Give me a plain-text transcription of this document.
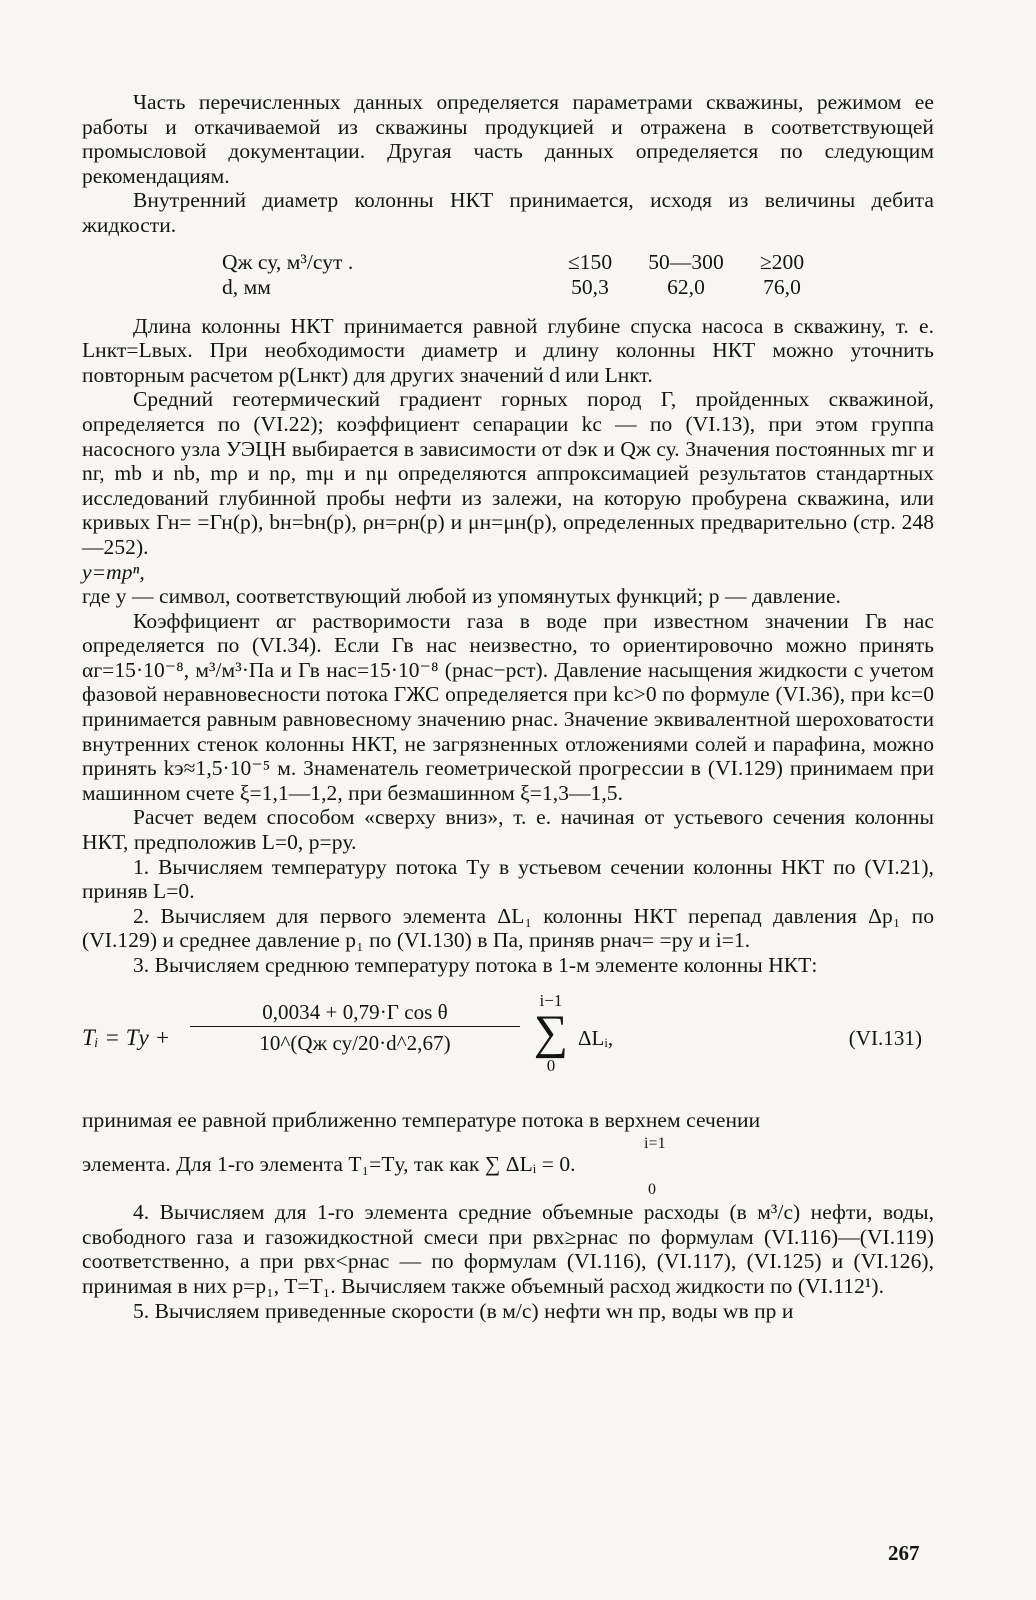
Часть перечисленных данных определяется параметрами скважины, режимом ее работы и откачиваемой из скважины продукцией и отражена в соответствующей промысловой документации. Другая часть данных определяется по следующим рекомендациям.

Внутренний диаметр колонны НКТ принимается, исходя из величины дебита жидкости.

Qж су, м³/сут .	≤150	50—300	≥200
d, мм	50,3	62,0	76,0

Длина колонны НКТ принимается равной глубине спуска насоса в скважину, т. е. Lнкт=Lвых. При необходимости диаметр и длину колонны НКТ можно уточнить повторным расчетом p(Lнкт) для других значений d или Lнкт.

Средний геотермический градиент горных пород Г, пройденных скважиной, определяется по (VI.22); коэффициент сепарации kс — по (VI.13), при этом группа насосного узла УЭЦН выбирается в зависимости от dэк и Qж су. Значения постоянных mг и nг, mb и nb, mρ и nρ, mμ и nμ определяются аппроксимацией результатов стандартных исследований глубинной пробы нефти из залежи, на которую пробурена скважина, или кривых Гн= =Гн(p), bн=bн(p), ρн=ρн(p) и μн=μн(p), определенных предварительно (стр. 248—252).

y=mpⁿ,

где y — символ, соответствующий любой из упомянутых функций; p — давление.

Коэффициент αг растворимости газа в воде при известном значении Гв нас определяется по (VI.34). Если Гв нас неизвестно, то ориентировочно можно принять αг=15·10⁻⁸, м³/м³·Па и Гв нас=15·10⁻⁸ (pнас−pст). Давление насыщения жидкости с учетом фазовой неравновесности потока ГЖС определяется при kс>0 по формуле (VI.36), при kс=0 принимается равным равновесному значению pнас. Значение эквивалентной шероховатости внутренних стенок колонны НКТ, не загрязненных отложениями солей и парафина, можно принять kэ≈1,5·10⁻⁵ м. Знаменатель геометрической прогрессии в (VI.129) принимаем при машинном счете ξ=1,1—1,2, при безмашинном ξ=1,3—1,5.

Расчет ведем способом «сверху вниз», т. е. начиная от устьевого сечения колонны НКТ, предположив L=0, p=pу.

1. Вычисляем температуру потока Tу в устьевом сечении колонны НКТ по (VI.21), приняв L=0.

2. Вычисляем для первого элемента ΔL₁ колонны НКТ перепад давления Δp₁ по (VI.129) и среднее давление p₁ по (VI.130) в Па, приняв pнач= =pу и i=1.

3. Вычисляем среднюю температуру потока в 1-м элементе колонны НКТ:

Tᵢ = Tу +
0,0034 + 0,79·Г cos θ
10^(Qж су/20·d^2,67)
i−1
∑
0
ΔLᵢ,	(VI.131)

принимая ее равной приближенно температуре потока в верхнем сечении

i=1
элемента. Для 1-го элемента T₁=Tу, так как ∑ ΔLᵢ = 0.
0

4. Вычисляем для 1-го элемента средние объемные расходы (в м³/с) нефти, воды, свободного газа и газожидкостной смеси при pвх≥pнас по формулам (VI.116)—(VI.119) соответственно, а при pвх<pнас — по формулам (VI.116), (VI.117), (VI.125) и (VI.126), принимая в них p=p₁, T=T₁. Вычисляем также объемный расход жидкости по (VI.112¹).

5. Вычисляем приведенные скорости (в м/с) нефти wн пр, воды wв пр и

267
